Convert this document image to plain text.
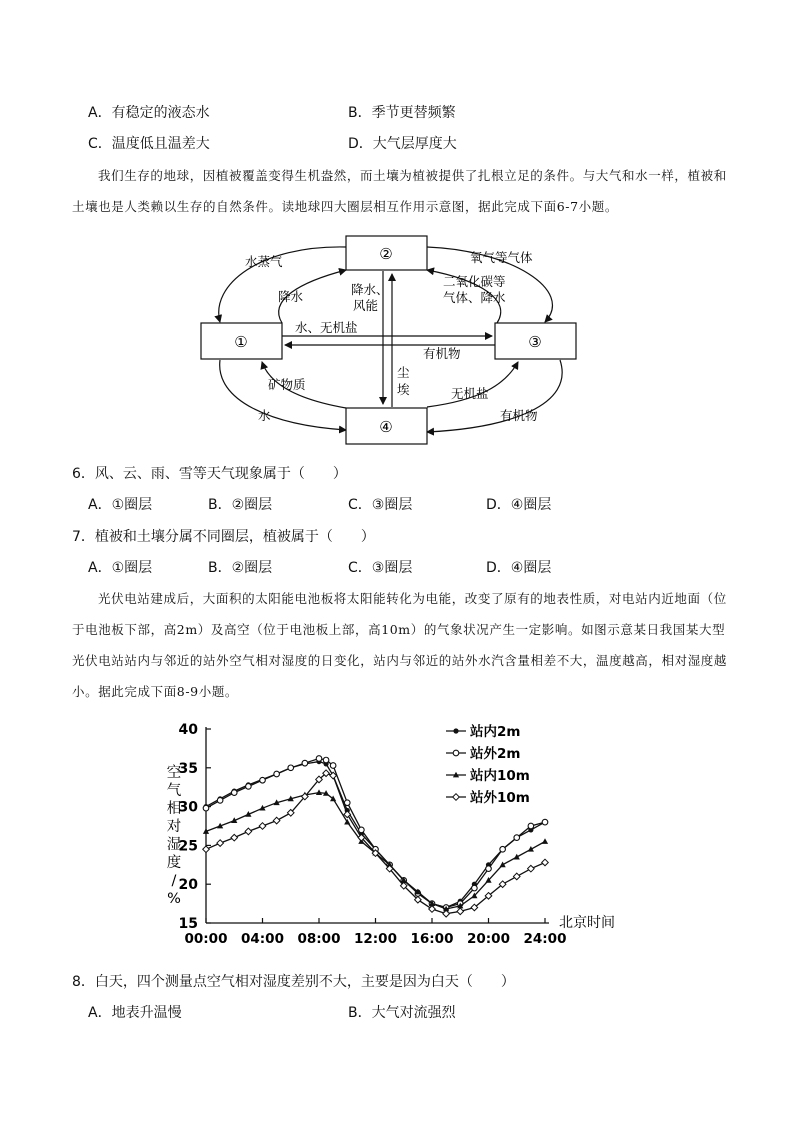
A．有稳定的液态水	B．季节更替频繁
C．温度低且温差大	D．大气层厚度大
我们生存的地球，因植被覆盖变得生机盎然，而土壤为植被提供了扎根立足的条件。与大气和水一样，植被和土壤也是人类赖以生存的自然条件。读地球四大圈层相互作用示意图，据此完成下面6-7小题。
②
①	③
④
水蒸气
降水	降水、
风能
氧气等气体
二氧化碳等
气体、降水
水、无机盐
有机物
尘
埃
矿物质
水
无机盐
有机物
6．风、云、雨、雪等天气现象属于（　　）
A．①圈层	B．②圈层	C．③圈层	D．④圈层
7．植被和土壤分属不同圈层，植被属于（　　）
A．①圈层	B．②圈层	C．③圈层	D．④圈层
光伏电站建成后，大面积的太阳能电池板将太阳能转化为电能，改变了原有的地表性质，对电站内近地面（位于电池板下部，高2m）及高空（位于电池板上部，高10m）的气象状况产生一定影响。如图示意某日我国某大型光伏电站站内与邻近的站外空气相对湿度的日变化，站内与邻近的站外水汽含量相差不大，温度越高，相对湿度越小。据此完成下面8-9小题。
15
20
25
30
35
40
00:00 04:00 08:00 12:00 16:00 20:00 24:00
北京时间
空
气
相
对
湿
度
/
%
站内2m
站外2m
站内10m
站外10m
8．白天，四个测量点空气相对湿度差别不大，主要是因为白天（　　）
A．地表升温慢	B．大气对流强烈
